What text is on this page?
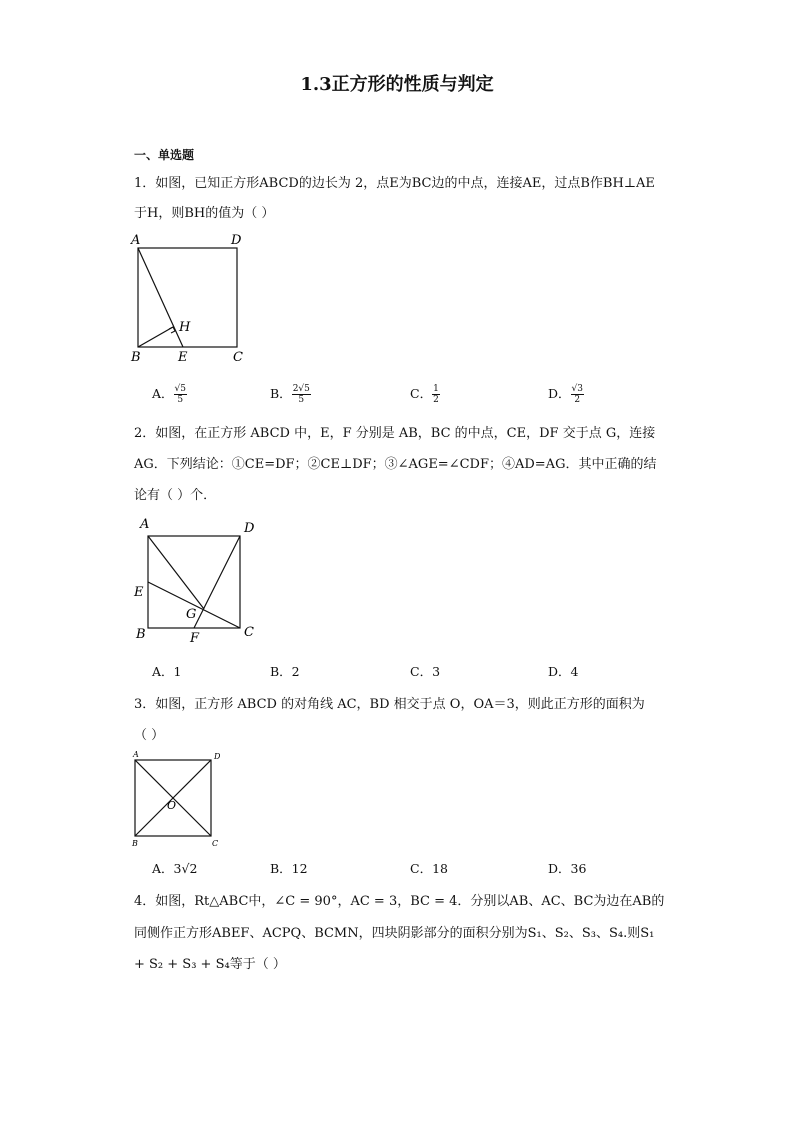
1.3正方形的性质与判定
一、单选题
1．如图，已知正方形ABCD的边长为 2，点E为BC边的中点，连接AE，过点B作BH⊥AE
于H，则BH的值为（ ）
A	D
H
B	E	C
A． $\frac{√5}{5}$	B． $\frac{2√5}{5}$	C． $\frac{1}{2}$	D． $\frac{√3}{2}$
2．如图，在正方形 ABCD 中，E，F 分别是 AB，BC 的中点，CE，DF 交于点 G，连接
AG．下列结论：①CE=DF；②CE⊥DF；③∠AGE=∠CDF；④AD=AG．其中正确的结
论有（ ）个．
A	D
E
G
B	F	C
A．1	B．2	C．3	D．4
3．如图，正方形 ABCD 的对角线 AC，BD 相交于点 O，OA＝3，则此正方形的面积为
（ ）
A	D
O
B	C
A．3√2	B．12	C．18	D．36
4．如图，Rt△ABC中，∠C = 90°，AC = 3，BC = 4．分别以AB、AC、BC为边在AB的
同侧作正方形ABEF、ACPQ、BCMN，四块阴影部分的面积分别为S₁、S₂、S₃、S₄.则S₁
+ S₂ + S₃ + S₄等于（ ）
